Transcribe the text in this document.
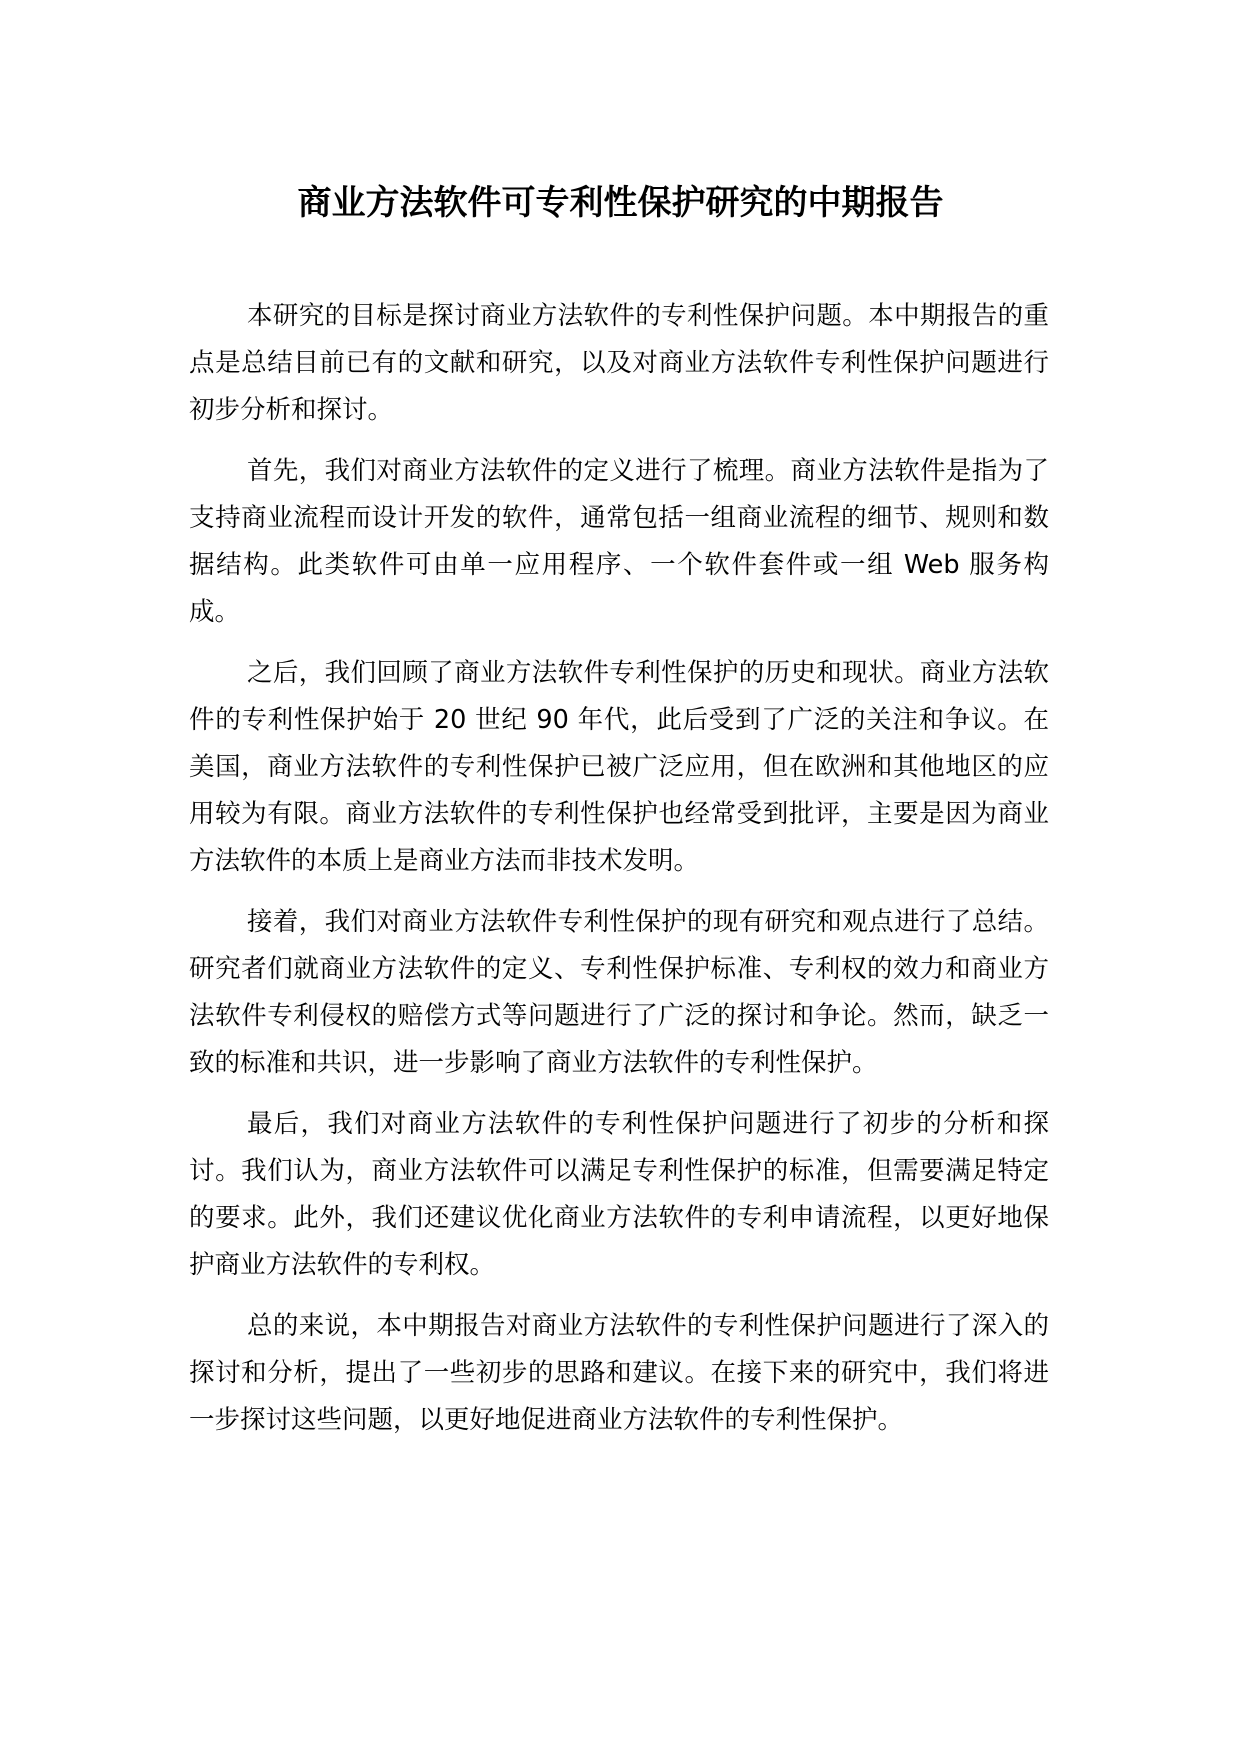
商业方法软件可专利性保护研究的中期报告

本研究的目标是探讨商业方法软件的专利性保护问题。本中期报告的重点是总结目前已有的文献和研究，以及对商业方法软件专利性保护问题进行初步分析和探讨。

首先，我们对商业方法软件的定义进行了梳理。商业方法软件是指为了支持商业流程而设计开发的软件，通常包括一组商业流程的细节、规则和数据结构。此类软件可由单一应用程序、一个软件套件或一组 Web 服务构成。

之后，我们回顾了商业方法软件专利性保护的历史和现状。商业方法软件的专利性保护始于 20 世纪 90 年代，此后受到了广泛的关注和争议。在美国，商业方法软件的专利性保护已被广泛应用，但在欧洲和其他地区的应用较为有限。商业方法软件的专利性保护也经常受到批评，主要是因为商业方法软件的本质上是商业方法而非技术发明。

接着，我们对商业方法软件专利性保护的现有研究和观点进行了总结。研究者们就商业方法软件的定义、专利性保护标准、专利权的效力和商业方法软件专利侵权的赔偿方式等问题进行了广泛的探讨和争论。然而，缺乏一致的标准和共识，进一步影响了商业方法软件的专利性保护。

最后，我们对商业方法软件的专利性保护问题进行了初步的分析和探讨。我们认为，商业方法软件可以满足专利性保护的标准，但需要满足特定的要求。此外，我们还建议优化商业方法软件的专利申请流程，以更好地保护商业方法软件的专利权。

总的来说，本中期报告对商业方法软件的专利性保护问题进行了深入的探讨和分析，提出了一些初步的思路和建议。在接下来的研究中，我们将进一步探讨这些问题，以更好地促进商业方法软件的专利性保护。
